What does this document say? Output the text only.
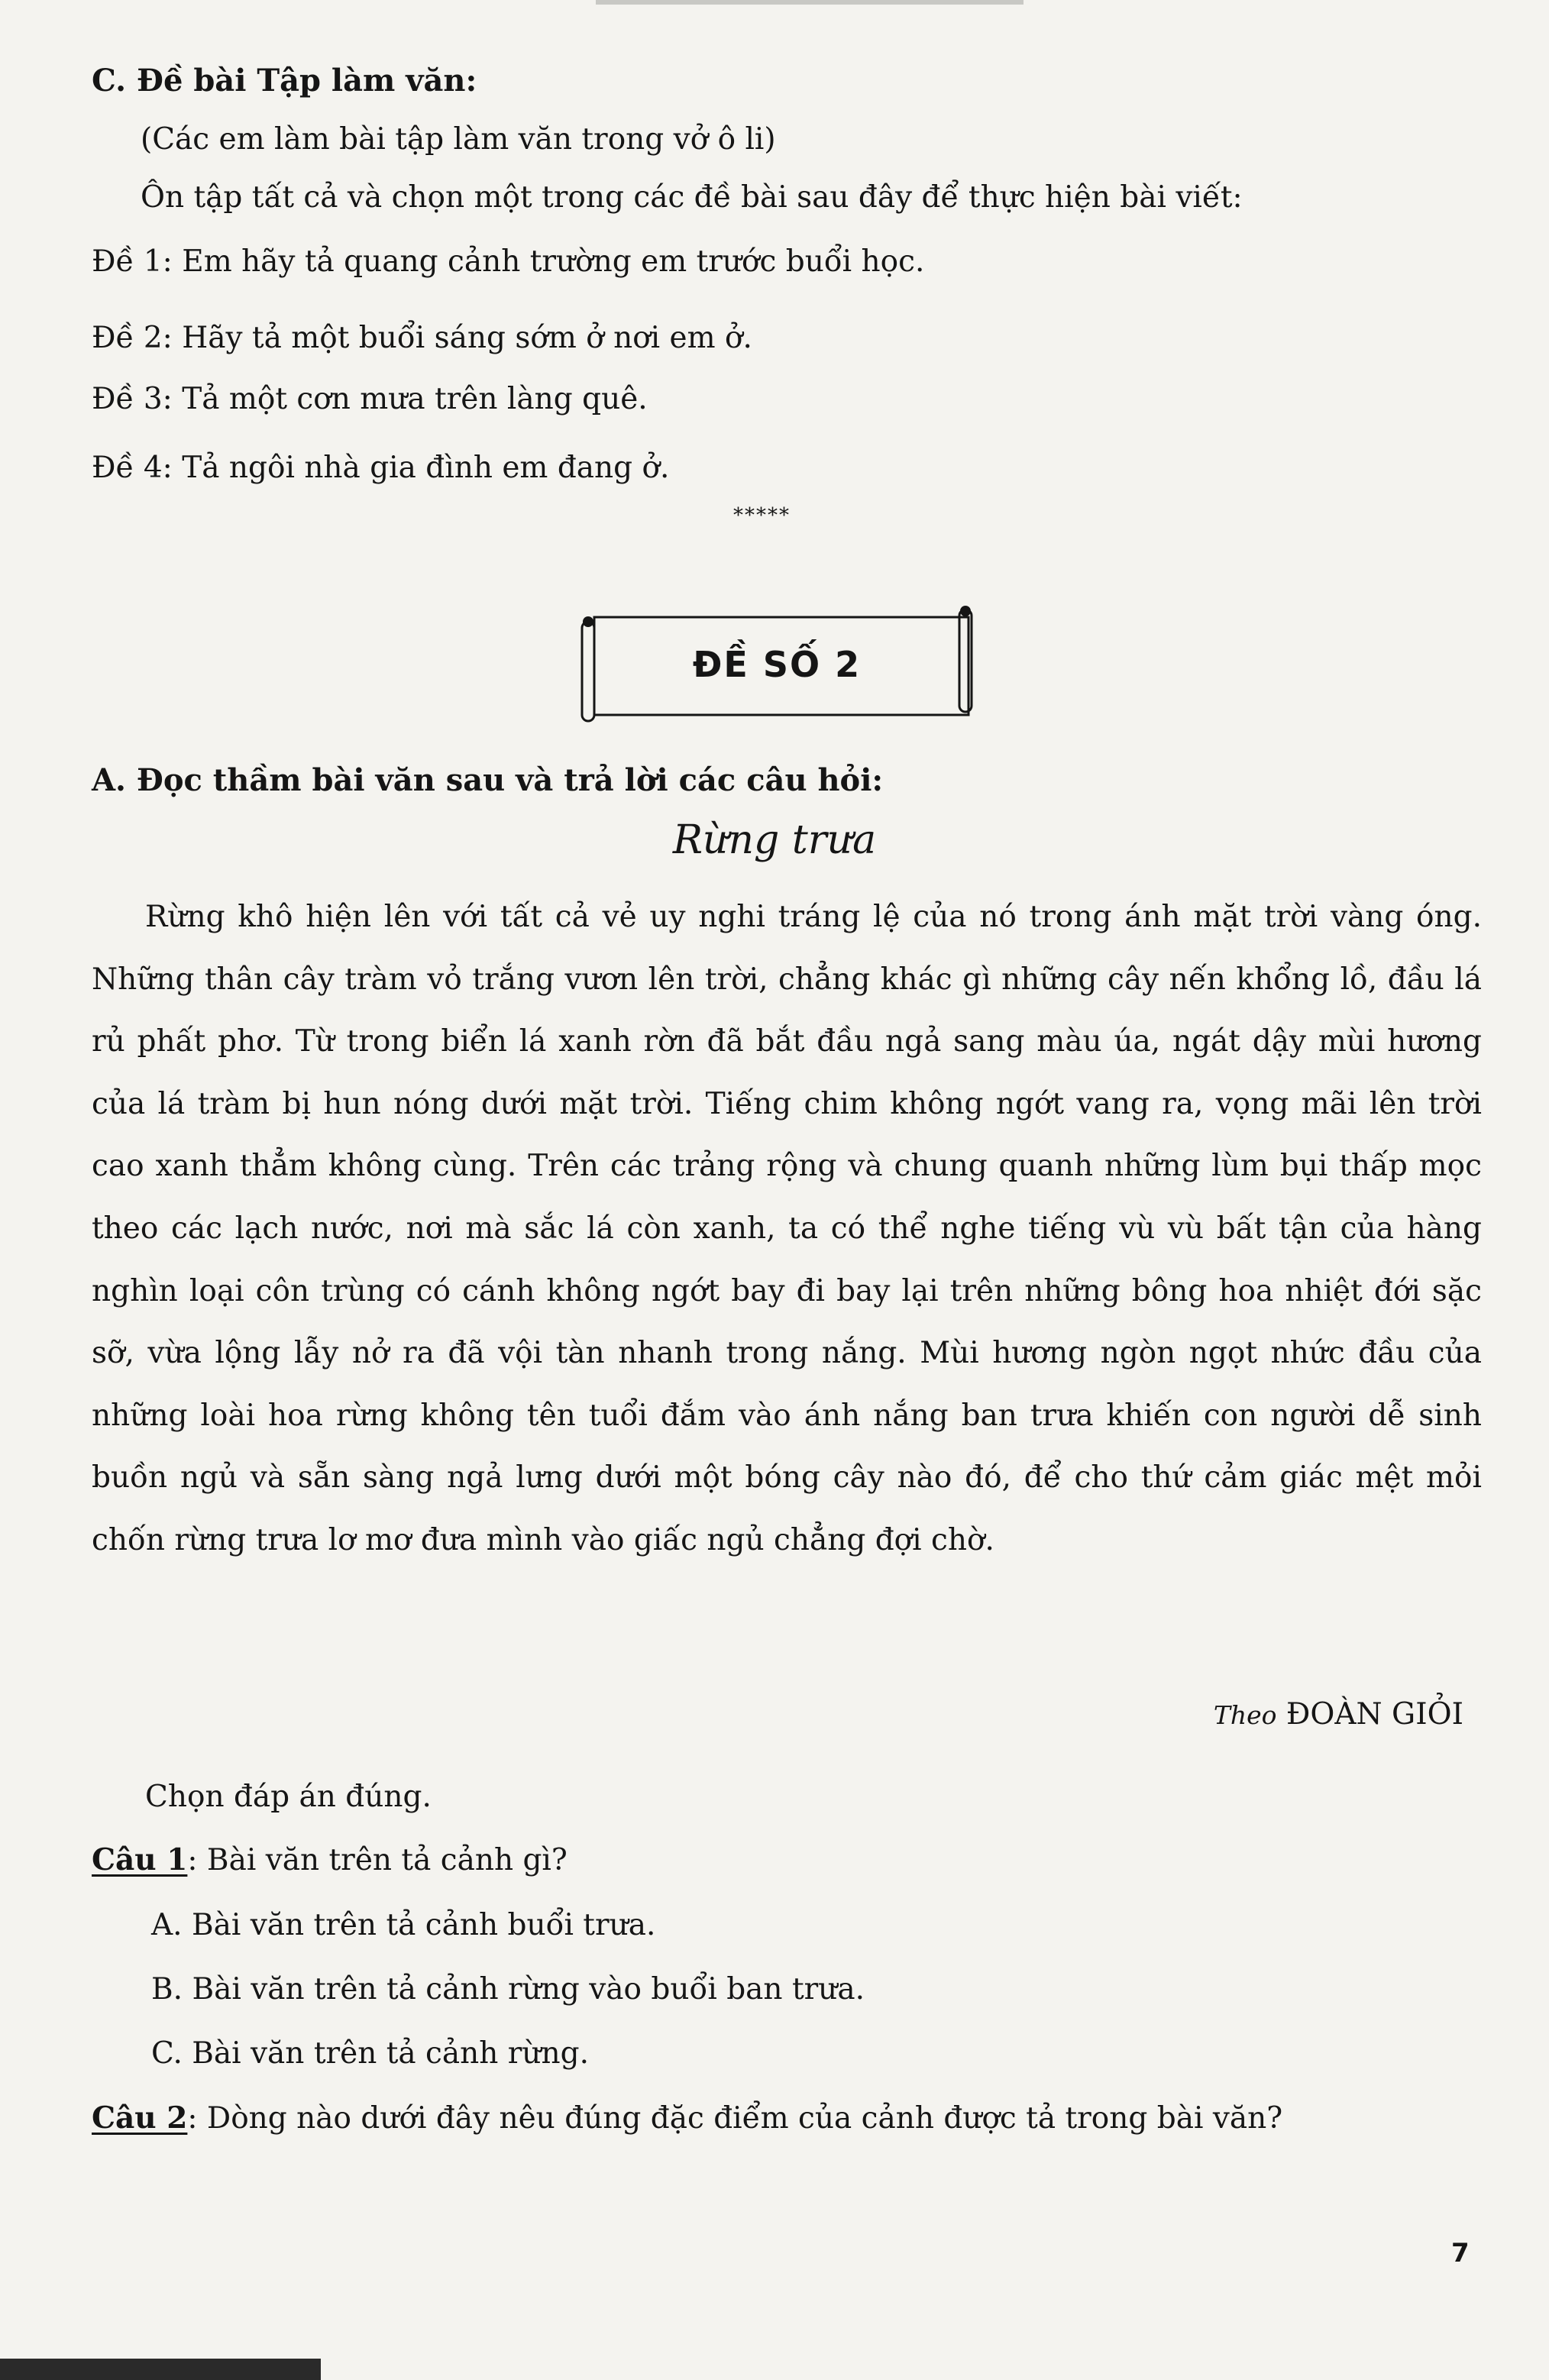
C. Đề bài Tập làm văn:
(Các em làm bài tập làm văn trong vở ô li)
Ôn tập tất cả và chọn một trong các đề bài sau đây để thực hiện bài viết:
Đề 1: Em hãy tả quang cảnh trường em trước buổi học.
Đề 2: Hãy tả một buổi sáng sớm ở nơi em ở.
Đề 3: Tả một cơn mưa trên làng quê.
Đề 4: Tả ngôi nhà gia đình em đang ở.
*****
ĐỀ SỐ 2
A. Đọc thầm bài văn sau và trả lời các câu hỏi:
Rừng trưa
Rừng khô hiện lên với tất cả vẻ uy nghi tráng lệ của nó trong ánh mặt trời vàng óng. Những thân cây tràm vỏ trắng vươn lên trời, chẳng khác gì những cây nến khổng lồ, đầu lá rủ phất phơ. Từ trong biển lá xanh rờn đã bắt đầu ngả sang màu úa, ngát dậy mùi hương của lá tràm bị hun nóng dưới mặt trời. Tiếng chim không ngớt vang ra, vọng mãi lên trời cao xanh thẳm không cùng. Trên các trảng rộng và chung quanh những lùm bụi thấp mọc theo các lạch nước, nơi mà sắc lá còn xanh, ta có thể nghe tiếng vù vù bất tận của hàng nghìn loại côn trùng có cánh không ngớt bay đi bay lại trên những bông hoa nhiệt đới sặc sỡ, vừa lộng lẫy nở ra đã vội tàn nhanh trong nắng. Mùi hương ngòn ngọt nhức đầu của những loài hoa rừng không tên tuổi đắm vào ánh nắng ban trưa khiến con người dễ sinh buồn ngủ và sẵn sàng ngả lưng dưới một bóng cây nào đó, để cho thứ cảm giác mệt mỏi chốn rừng trưa lơ mơ đưa mình vào giấc ngủ chẳng đợi chờ.
Theo ĐOÀN GIỎI
Chọn đáp án đúng.
Câu 1: Bài văn trên tả cảnh gì?
A. Bài văn trên tả cảnh buổi trưa.
B. Bài văn trên tả cảnh rừng vào buổi ban trưa.
C. Bài văn trên tả cảnh rừng.
Câu 2: Dòng nào dưới đây nêu đúng đặc điểm của cảnh được tả trong bài văn?
7
